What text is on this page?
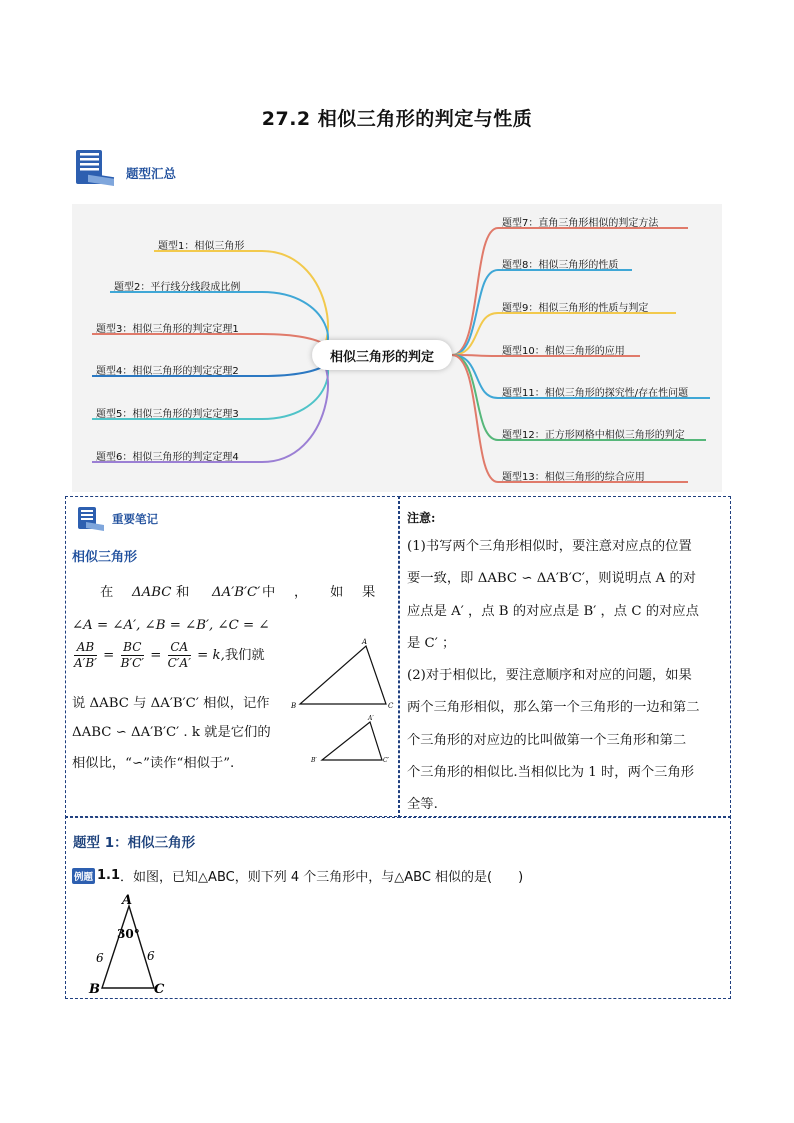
27.2 相似三角形的判定与性质
题型汇总
题型1：相似三角形
题型2：平行线分线段成比例
题型3：相似三角形的判定定理1
题型4：相似三角形的判定定理2
题型5：相似三角形的判定定理3
题型6：相似三角形的判定定理4
题型7：直角三角形相似的判定方法
题型8：相似三角形的性质
题型9：相似三角形的性质与判定
题型10：相似三角形的应用
题型11：相似三角形的探究性/存在性问题
题型12：正方形网格中相似三角形的判定
题型13：相似三角形的综合应用
相似三角形的判定
重要笔记
相似三角形
在 ΔABC 和 ΔA′B′C′ 中 ， 如 果
∠A = ∠A′, ∠B = ∠B′, ∠C = ∠
$\frac{AB}{A'B'} = \frac{BC}{B'C'} = \frac{CA}{C'A'} = k$,我们就
说 ΔABC 与 ΔA′B′C′ 相似，记作
ΔABC ∽ ΔA′B′C′ . k 就是它们的
相似比，“∽”读作“相似于”.
A
B	C
A′
B′	C′
注意:
(1)书写两个三角形相似时，要注意对应点的位置
要一致，即 ΔABC ∽ ΔA′B′C′，则说明点 A 的对
应点是 A′ ，点 B 的对应点是 B′ ，点 C 的对应点
是 C′ ；
(2)对于相似比，要注意顺序和对应的问题，如果
两个三角形相似，那么第一个三角形的一边和第二
个三角形的对应边的比叫做第一个三角形和第二
个三角形的相似比.当相似比为 1 时，两个三角形
全等.
题型 1：相似三角形
例题 1.1 ．如图，已知△ABC，则下列 4 个三角形中，与△ABC 相似的是(　　)
A
30°
6	6
B	C
